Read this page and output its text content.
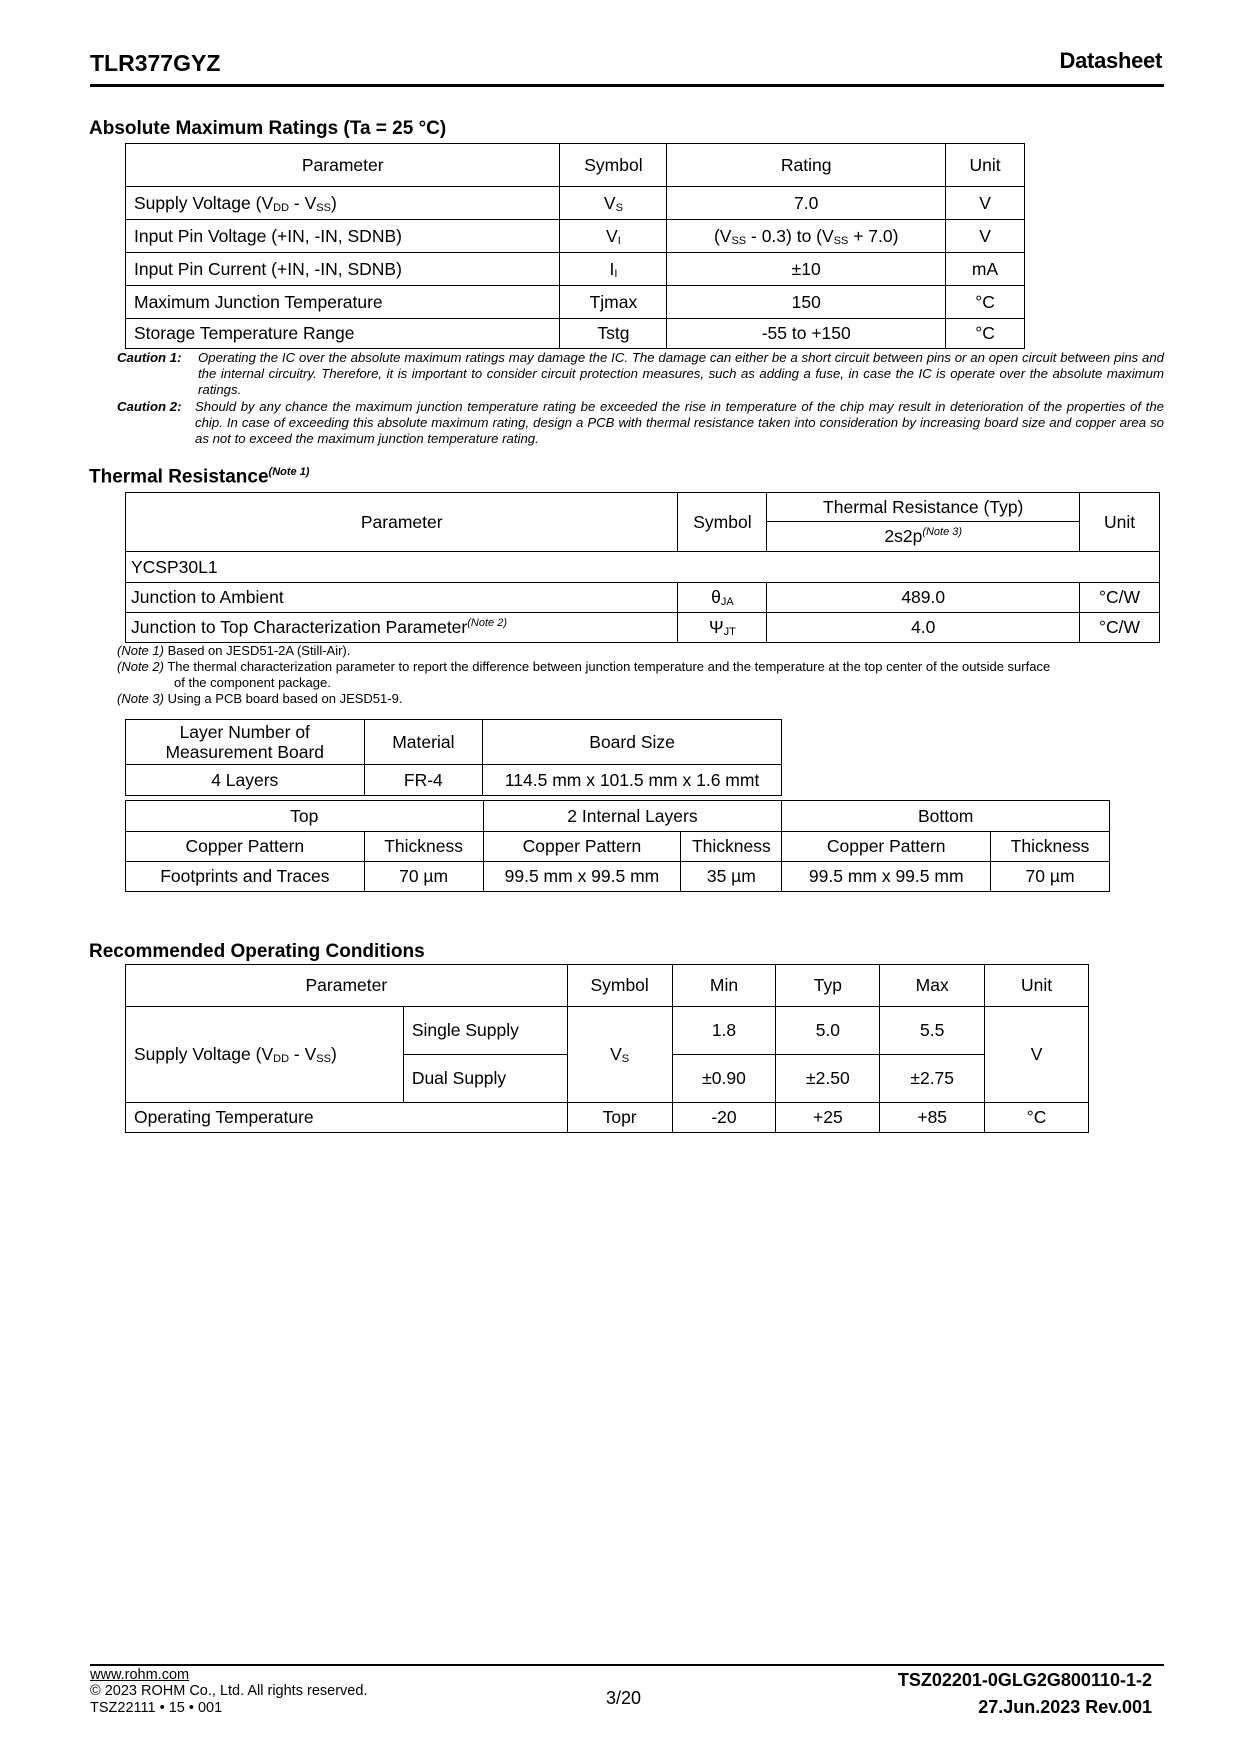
TLR377GYZ	Datasheet
Absolute Maximum Ratings (Ta = 25 °C)
Parameter	Symbol	Rating	Unit
Supply Voltage $(V_{DD} - V_{SS})$	$V_S$	7.0	V
Input Pin Voltage (+IN, -IN, SDNB)	$V_I$	$(V_{SS} - 0.3)$ to $(V_{SS} + 7.0)$	V
Input Pin Current (+IN, -IN, SDNB)	$I_I$	±10	mA
Maximum Junction Temperature	Tjmax	150	°C
Storage Temperature Range	Tstg	-55 to +150	°C
Caution 1: Operating the IC over the absolute maximum ratings may damage the IC. The damage can either be a short circuit between pins or an open circuit between pins and the internal circuitry. Therefore, it is important to consider circuit protection measures, such as adding a fuse, in case the IC is operate over the absolute maximum ratings.
Caution 2: Should by any chance the maximum junction temperature rating be exceeded the rise in temperature of the chip may result in deterioration of the properties of the chip. In case of exceeding this absolute maximum rating, design a PCB with thermal resistance taken into consideration by increasing board size and copper area so as not to exceed the maximum junction temperature rating.
Thermal Resistance$^{(Note 1)}$
Parameter	Symbol	Thermal Resistance (Typ)	Unit
		$2s2p^{(Note 3)}$
YCSP30L1			
Junction to Ambient	$\theta_{JA}$	489.0	°C/W
Junction to Top Characterization Parameter$^{(Note 2)}$	$\Psi_{JT}$	4.0	°C/W
(Note 1) Based on JESD51-2A (Still-Air).
(Note 2) The thermal characterization parameter to report the difference between junction temperature and the temperature at the top center of the outside surface
of the component package.
(Note 3) Using a PCB board based on JESD51-9.
Layer Number of
Measurement Board	Material	Board Size
4 Layers	FR-4	114.5 mm x 101.5 mm x 1.6 mmt
Top		2 Internal Layers		Bottom	
Copper Pattern	Thickness	Copper Pattern	Thickness	Copper Pattern	Thickness
Footprints and Traces	70 µm	99.5 mm x 99.5 mm	35 µm	99.5 mm x 99.5 mm	70 µm
Recommended Operating Conditions
Parameter		Symbol	Min	Typ	Max	Unit
Supply Voltage $(V_{DD} - V_{SS})$	Single Supply	$V_S$	1.8	5.0	5.5	V
	Dual Supply		±0.90	±2.50	±2.75	
Operating Temperature		Topr	-20	+25	+85	°C
www.rohm.com
© 2023 ROHM Co., Ltd. All rights reserved.
TSZ22111 • 15 • 001	3/20
TSZ02201-0GLG2G800110-1-2
27.Jun.2023 Rev.001
